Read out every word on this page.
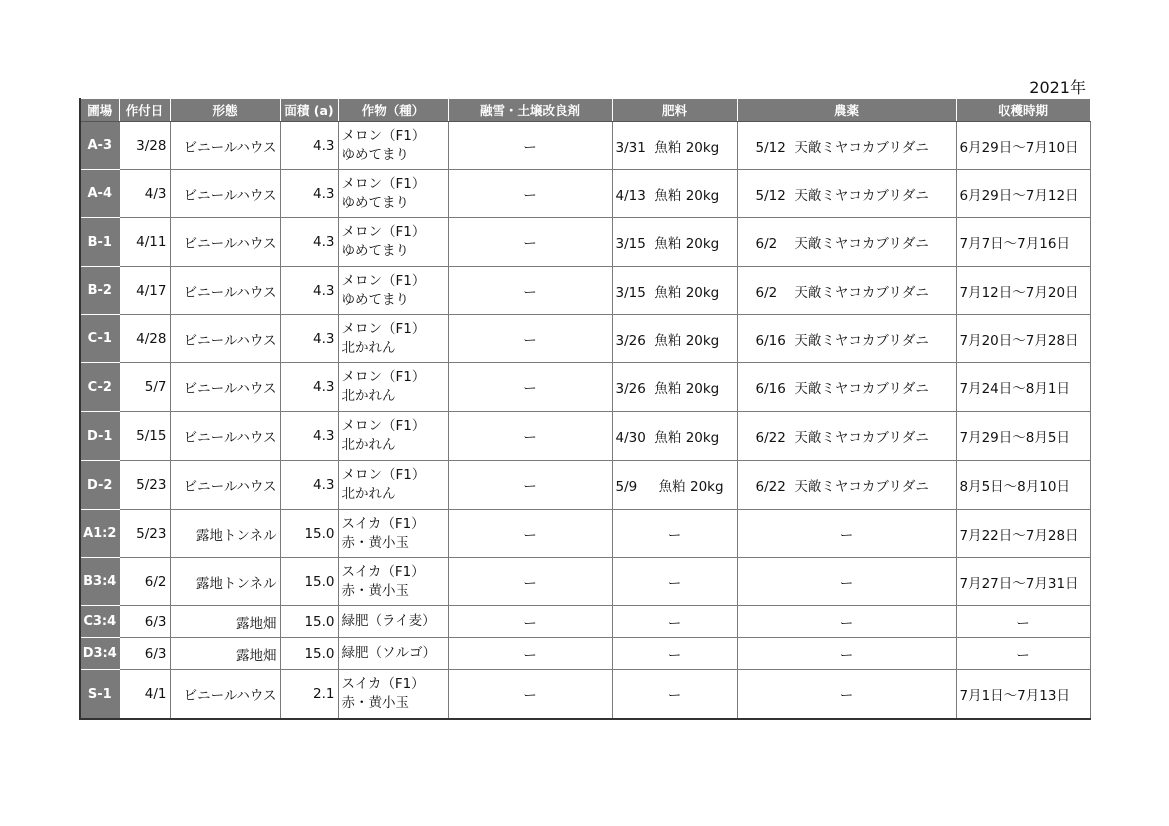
2021年
圃場	作付日	形態	面積 (a)	作物（種）	融雪・土壌改良剤	肥料	農薬	収穫時期
A-3	3/28	ビニールハウス	4.3	メロン（F1）
ゆめてまり	ー	3/31  魚粕 20kg	5/12  天敵ミヤコカブリダニ	6月29日〜7月10日
A-4	4/3	ビニールハウス	4.3	メロン（F1）
ゆめてまり	ー	4/13  魚粕 20kg	5/12  天敵ミヤコカブリダニ	6月29日〜7月12日
B-1	4/11	ビニールハウス	4.3	メロン（F1）
ゆめてまり	ー	3/15  魚粕 20kg	6/2    天敵ミヤコカブリダニ	7月7日〜7月16日
B-2	4/17	ビニールハウス	4.3	メロン（F1）
ゆめてまり	ー	3/15  魚粕 20kg	6/2    天敵ミヤコカブリダニ	7月12日〜7月20日
C-1	4/28	ビニールハウス	4.3	メロン（F1）
北かれん	ー	3/26  魚粕 20kg	6/16  天敵ミヤコカブリダニ	7月20日〜7月28日
C-2	5/7	ビニールハウス	4.3	メロン（F1）
北かれん	ー	3/26  魚粕 20kg	6/16  天敵ミヤコカブリダニ	7月24日〜8月1日
D-1	5/15	ビニールハウス	4.3	メロン（F1）
北かれん	ー	4/30  魚粕 20kg	6/22  天敵ミヤコカブリダニ	7月29日〜8月5日
D-2	5/23	ビニールハウス	4.3	メロン（F1）
北かれん	ー	5/9     魚粕 20kg	6/22  天敵ミヤコカブリダニ	8月5日〜8月10日
A1:2	5/23	露地トンネル	15.0	スイカ（F1）
赤・黄小玉	ー	ー	ー	7月22日〜7月28日
B3:4	6/2	露地トンネル	15.0	スイカ（F1）
赤・黄小玉	ー	ー	ー	7月27日〜7月31日
C3:4	6/3	露地畑	15.0	緑肥（ライ麦）	ー	ー	ー	ー
D3:4	6/3	露地畑	15.0	緑肥（ソルゴ）	ー	ー	ー	ー
S-1	4/1	ビニールハウス	2.1	スイカ（F1）
赤・黄小玉	ー	ー	ー	7月1日〜7月13日
